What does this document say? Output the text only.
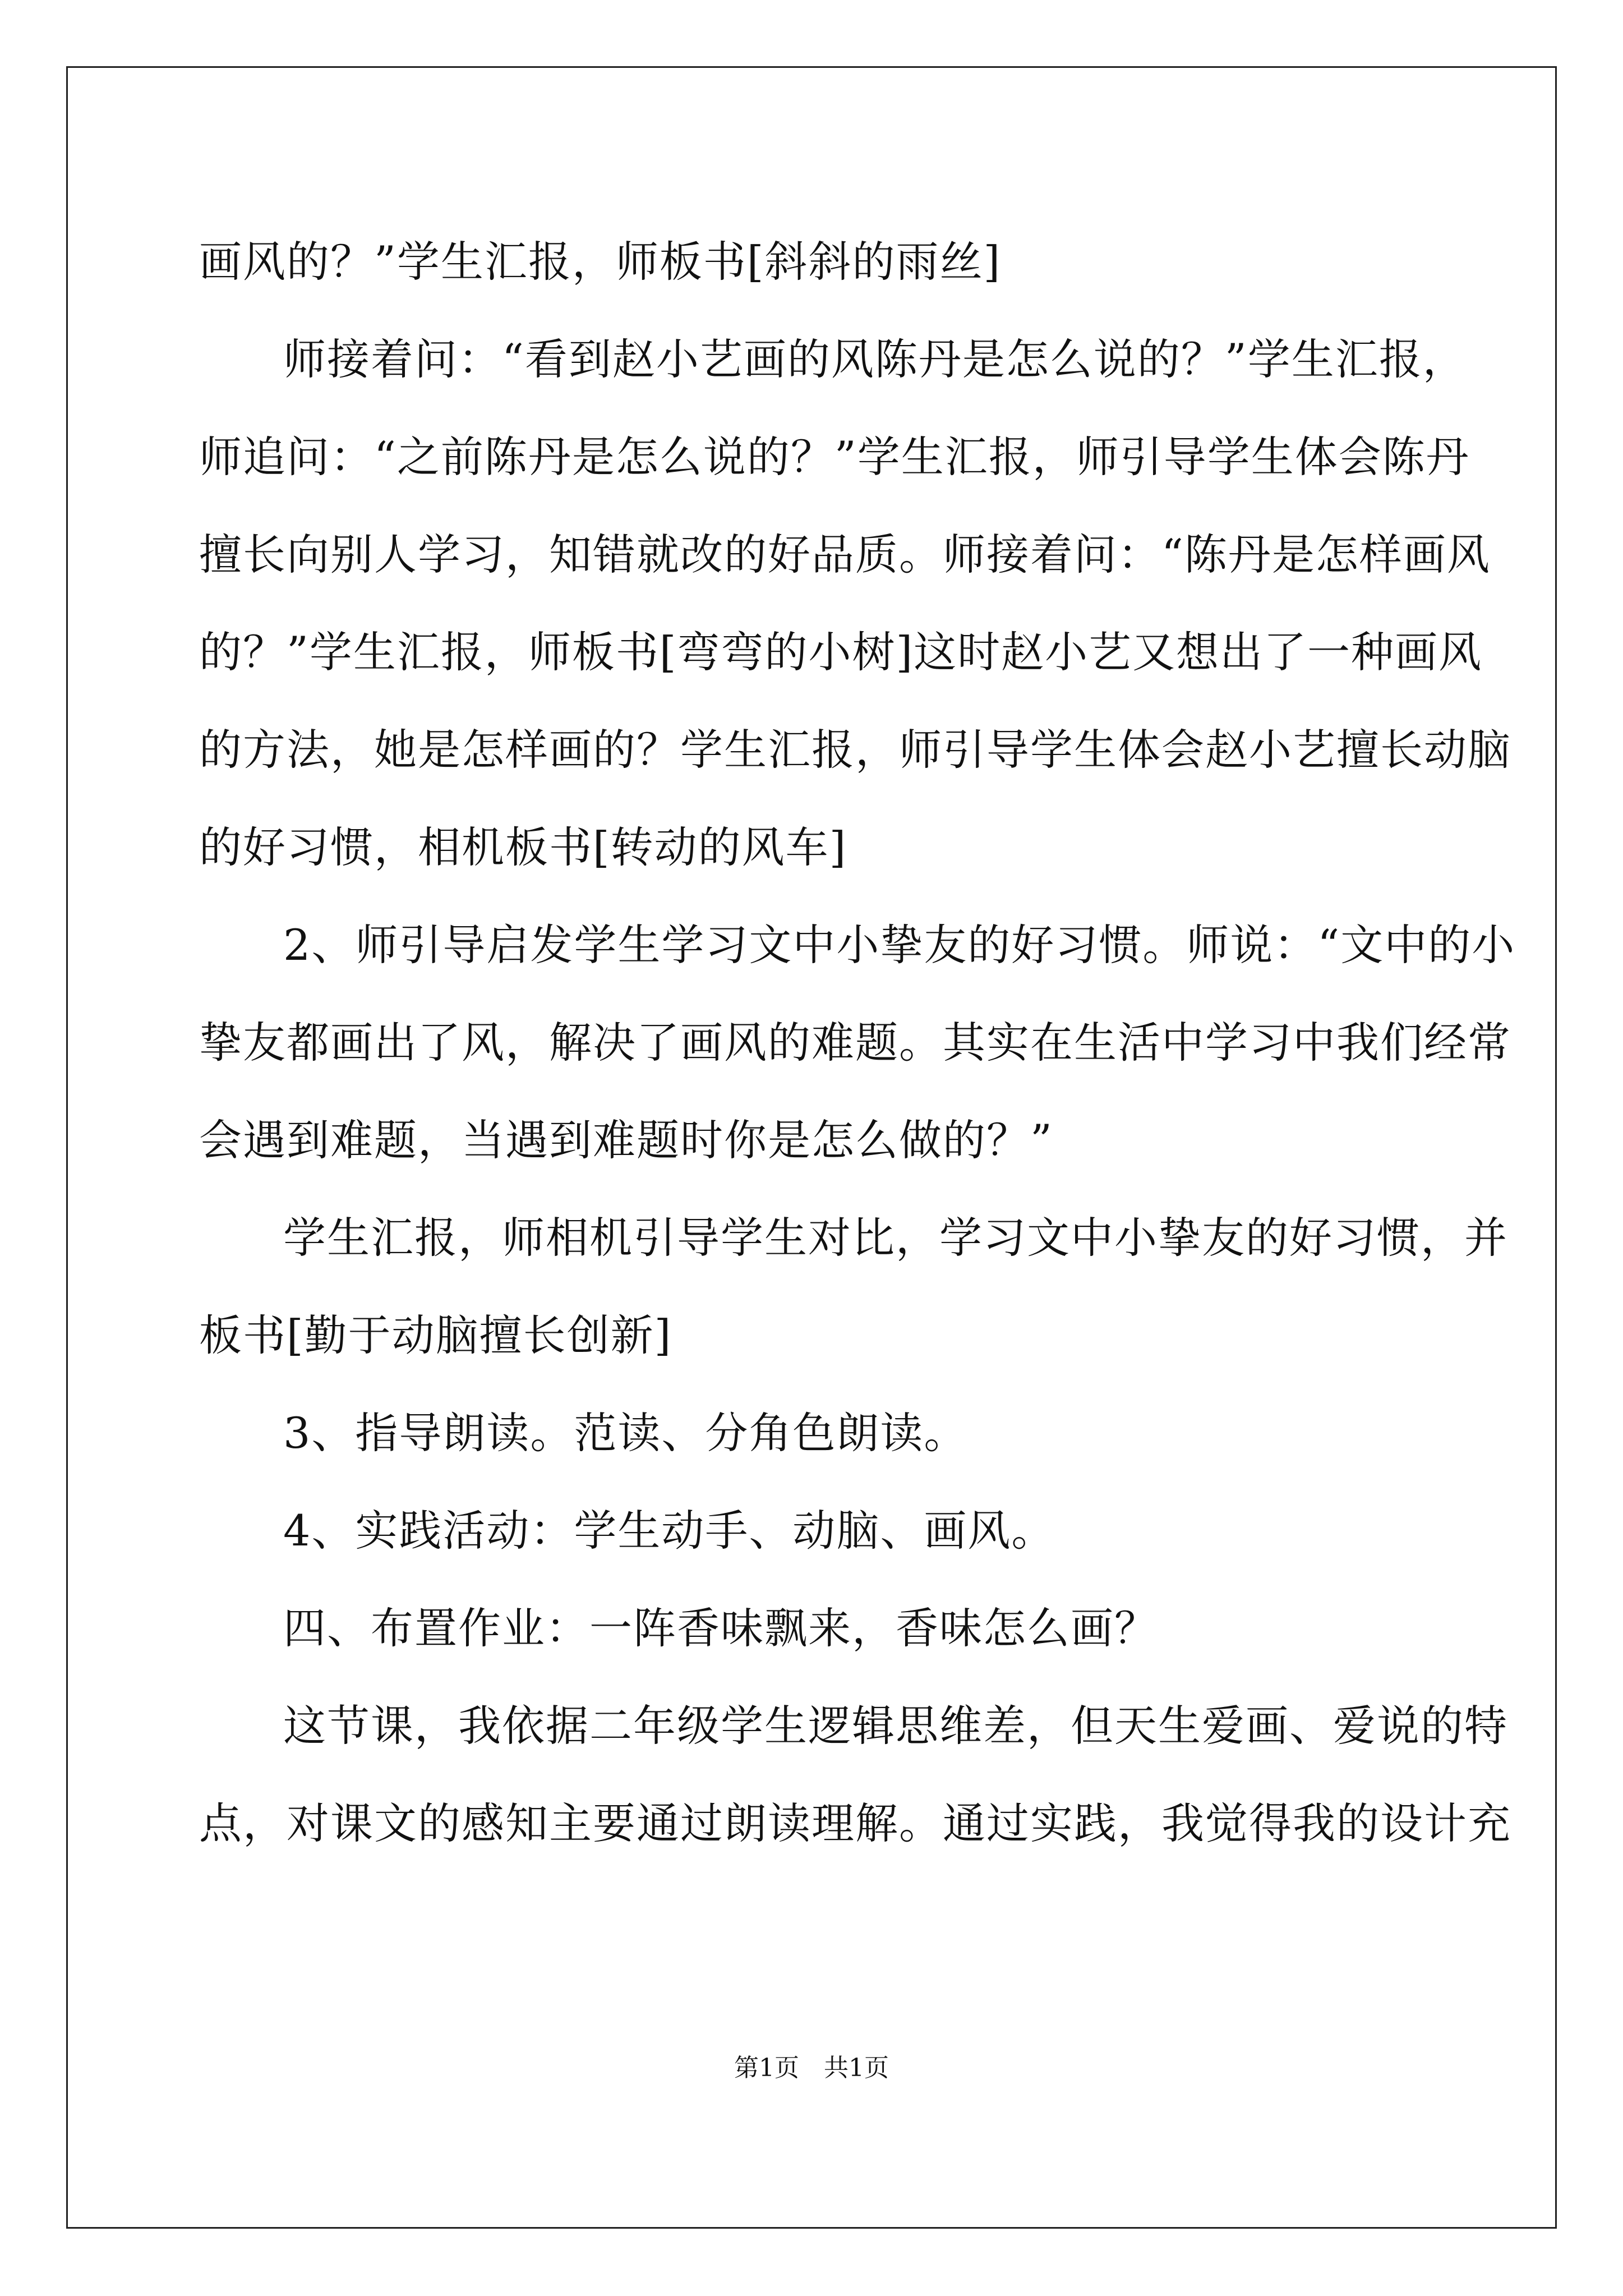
画风的？”学生汇报，师板书[斜斜的雨丝]
师接着问：“看到赵小艺画的风陈丹是怎么说的？”学生汇报，
师追问：“之前陈丹是怎么说的？”学生汇报，师引导学生体会陈丹
擅长向别人学习，知错就改的好品质。师接着问：“陈丹是怎样画风
的？”学生汇报，师板书[弯弯的小树]这时赵小艺又想出了一种画风
的方法，她是怎样画的？学生汇报，师引导学生体会赵小艺擅长动脑
的好习惯，相机板书[转动的风车]
2、师引导启发学生学习文中小挚友的好习惯。师说：“文中的小
挚友都画出了风，解决了画风的难题。其实在生活中学习中我们经常
会遇到难题，当遇到难题时你是怎么做的？”
学生汇报，师相机引导学生对比，学习文中小挚友的好习惯，并
板书[勤于动脑擅长创新]
3、指导朗读。范读、分角色朗读。
4、实践活动：学生动手、动脑、画风。
四、布置作业：一阵香味飘来，香味怎么画？
这节课，我依据二年级学生逻辑思维差，但天生爱画、爱说的特
点，对课文的感知主要通过朗读理解。通过实践，我觉得我的设计充
第1页　共1页
